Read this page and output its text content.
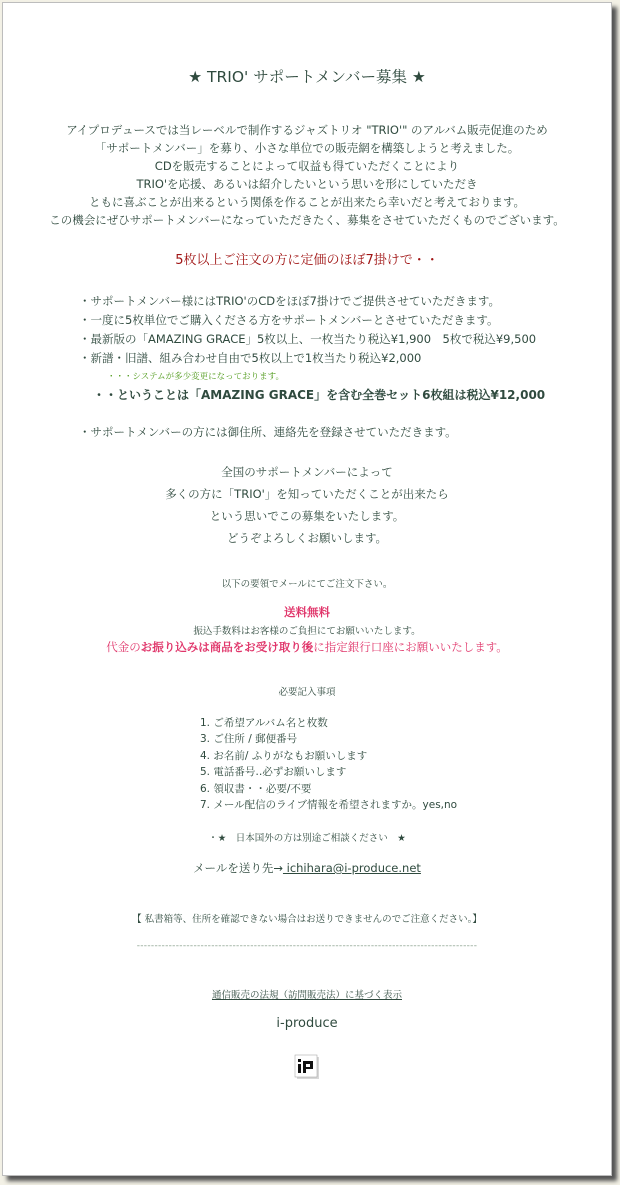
★ TRIO' サポートメンバー募集 ★
アイプロデュースでは当レーベルで制作するジャズトリオ "TRIO'" のアルバム販売促進のため
「サポートメンバー」を募り、小さな単位での販売網を構築しようと考えました。
CDを販売することによって収益も得ていただくことにより
TRIO'を応援、あるいは紹介したいという思いを形にしていただき
ともに喜ぶことが出来るという関係を作ることが出来たら幸いだと考えております。
この機会にぜひサポートメンバーになっていただきたく、募集をさせていただくものでございます。
5枚以上ご注文の方に定価のほぼ7掛けで・・
・サポートメンバー様にはTRIO'のCDをほぼ7掛けでご提供させていただきます。
・一度に5枚単位でご購入くださる方をサポートメンバーとさせていただきます。
・最新版の「AMAZING GRACE」5枚以上、一枚当たり税込¥1,900　5枚で税込¥9,500
・新譜・旧譜、組み合わせ自由で5枚以上で1枚当たり税込¥2,000
・・・システムが多少変更になっております。
・・ということは「AMAZING GRACE」を含む全巻セット6枚組は税込¥12,000
・サポートメンバーの方には御住所、連絡先を登録させていただきます。
全国のサポートメンバーによって
多くの方に「TRIO'」を知っていただくことが出来たら
という思いでこの募集をいたします。
どうぞよろしくお願いします。
以下の要領でメールにてご注文下さい。
送料無料
振込手数料はお客様のご負担にてお願いいたします。
代金のお振り込みは商品をお受け取り後に指定銀行口座にお願いいたします。
必要記入事項
1. ご希望アルバム名と枚数
3. ご住所 / 郵便番号
4. お名前/ ふりがなもお願いします
5. 電話番号‥必ずお願いします
6. 領収書・・必要/不要
7. メール配信のライブ情報を希望されますか。yes,no
・★　日本国外の方は別途ご相談ください　★
メールを送り先→ ichihara@i-produce.net
【 私書箱等、住所を確認できない場合はお送りできませんのでご注意ください。】
------------------------------------------------------------------------------------------------
通信販売の法規（訪問販売法）に基づく表示
i-produce
